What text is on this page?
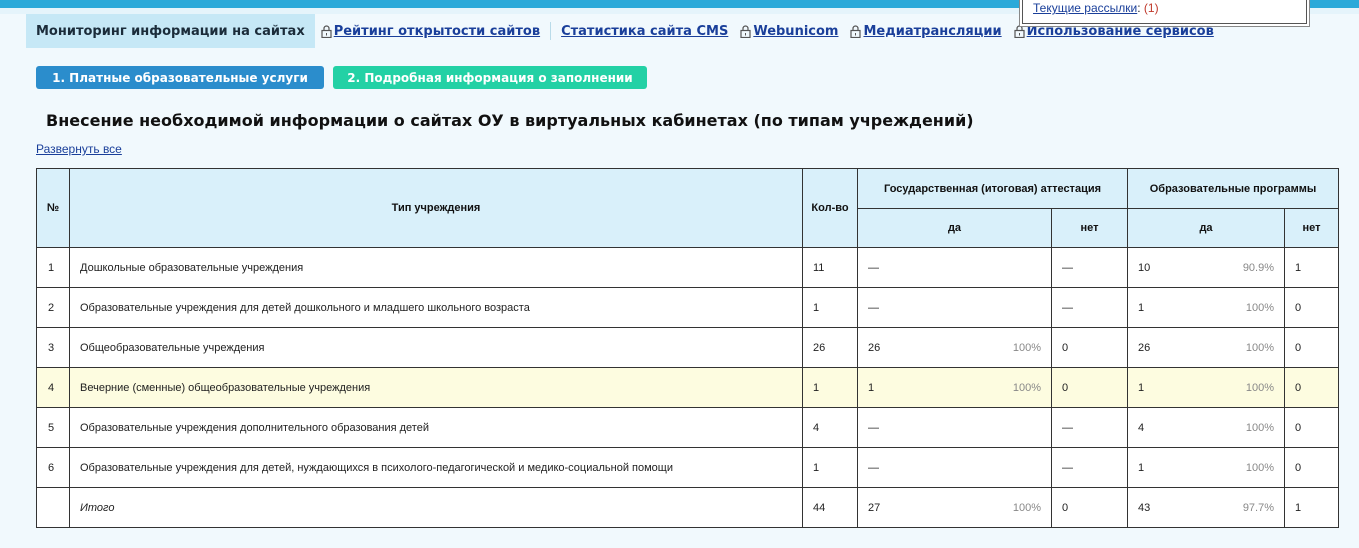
Мониторинг информации на сайтах	Рейтинг открытости сайтов Статистика сайта CMS Webunicom Медиатрансляции Использование сервисов
Текущие рассылки: (1)
1. Платные образовательные услуги	2. Подробная информация о заполнении
Внесение необходимой информации о сайтах ОУ в виртуальных кабинетах (по типам учреждений)
Развернуть все
№	Тип учреждения	Кол-во	Государственная (итоговая) аттестация		Образовательные программы	
			да	нет	да	нет
1	Дошкольные образовательные учреждения	11	—	—	10 90.9%	1
2	Образовательные учреждения для детей дошкольного и младшего школьного возраста	1	—	—	1 100%	0
3	Общеобразовательные учреждения	26	26 100%	0	26 100%	0
4	Вечерние (сменные) общеобразовательные учреждения	1	1 100%	0	1 100%	0
5	Образовательные учреждения дополнительного образования детей	4	—	—	4 100%	0
6	Образовательные учреждения для детей, нуждающихся в психолого-педагогической и медико-социальной помощи	1	—	—	1 100%	0
	Итого	44	27 100%	0	43 97.7%	1
